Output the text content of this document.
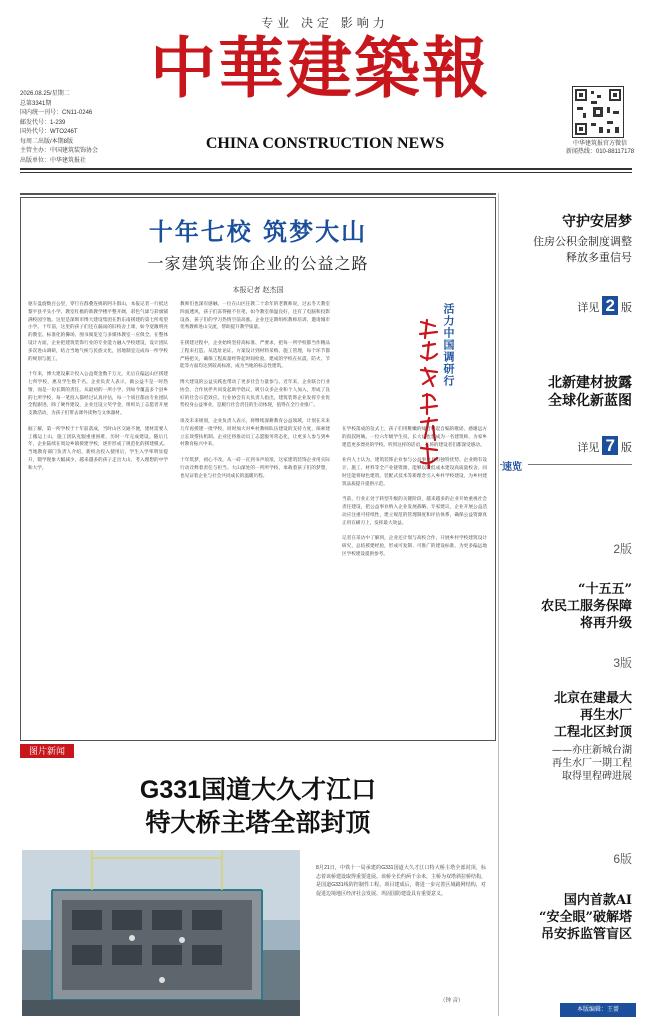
专业 决定 影响力
中華建築報
CHINA CONSTRUCTION NEWS
2026.08.25/星期二
总第3341期
国内统一刊号：CN11-0246
邮发代号：1-239
国外代号：WTO246T
每周二出版/本期8版
主管主办：中国建筑装饰协会
出版单位：中华建筑报社
中华建筑报官方微信
新闻热线：010-88117178
十年七校 筑梦大山
一家建筑装饰企业的公益之路
本报记者 赵杰国
驱车盘旋数百公里，穿行在群叠连绵的阿斗群山，本报记者一行抵达黎平县平头小学。教室红檐的新教学楼平整开阔，彩色气球与彩旗铺满校园空地。这里是深圳市博大建设集团在黔东南援建的第七所希望小学。十年前，这里的孩子们还在漏雨的旧校舍上课，如今宽敞明亮的教室、标准化的操场、图书阅览室与多媒体教室一应俱全。在整体设计方面，企业把建筑装饰行业的专业能力融入学校建设，设计团队多次进山调研，结合当地气候与民族文化，因地制宜完成每一所学校的规划与施工。

十年来，博大建设累计投入公益资金数千万元，先后在偏远山区援建七所学校，惠及学生数千名。企业负责人表示，做公益不是一时热情，而是一份长期的责任。从最初的一所小学，到如今覆盖多个县乡的七所学校，每一笔投入都经过认真评估，每一个项目都由专业团队全程跟进。除了硬件建设，企业还设立奖学金，组织员工志愿者开展支教活动，为孩子们带去课外读物与文体器材。

据了解，第一所学校于十年前落成，当时山区交通不便，建材需要人工搬运上山，施工团队克服重重困难，历时一年完成建设。随后几年，企业陆续在周边乡镇援建学校，逐步形成了规范化的援建模式。当地教育部门负责人介绍，新校舍投入使用后，学生入学率明显提升，辍学现象大幅减少，越来越多的孩子走出大山，考入理想的中学和大学。
教师们也深有感触。一位在山区任教二十余年的老教师说，过去冬天教室四面透风，孩子们冻得握不住笔，如今教室保温良好，还有了电脑和投影设备，孩子们的学习热情空前高涨。企业还定期组织教师培训，邀请城市优秀教师进山交流，帮助提升教学质量。

在援建过程中，企业始终坚持高标准、严要求，把每一所学校都当作精品工程来打造。从选址论证、方案设计到材料采购、施工管理，每个环节都严格把关，确保工程质量经得起时间检验。建成的学校在抗震、防火、节能等方面均达到较高标准，成为当地的标志性建筑。

博大建设的公益实践也带动了更多社会力量参与。近年来，企业联合行业协会、合作伙伴共同发起助学倡议，吸引众多企业和个人加入，形成了良好的社会示范效应。行业协会有关负责人指出，建筑装饰企业发挥专业优势投身公益事业，是履行社会责任的生动体现，值得在全行业推广。

谈及未来规划，企业负责人表示，将继续深耕教育公益领域，计划在未来几年再援建一批学校，同时加大对乡村教师队伍建设的支持力度，探索建立长效帮扶机制。企业还将推动员工志愿服务常态化，让更多人参与到乡村教育振兴中来。

十年筑梦，初心不改。从一砖一瓦到书声琅琅，这家建筑装饰企业用实际行动诠释着责任与担当。大山深处的一所所学校，承载着孩子们的梦想，也见证着企业与社会共同成长的温暖历程。
活力中国调研行
在学校落成的仪式上，孩子们用稚嫩的嗓音唱起自编的歌谣，感谢远方的叔叔阿姨。一位六年级学生说，长大后也想成为一名建筑师，为家乡建造更多漂亮的学校。听到这样的话语，在场的建设者们都深受感动。

业内人士认为，建筑装饰企业参与公益事业具有独特优势。企业拥有设计、施工、材料等全产业链资源，能够以较低成本建设高质量校舍，同时还能将绿色建筑、装配式技术等新理念引入乡村学校建设，为乡村建筑品质提升提供示范。

当前，行业正处于转型升级的关键阶段，越来越多的企业开始重视社会责任建设，把公益事业纳入企业发展战略。专家建议，企业开展公益活动应注重可持续性，建立规范的管理制度和评估体系，确保公益资源真正用在刷刃上，发挥最大效益。

记者在采访中了解到，企业还计划与高校合作，开展乡村学校建筑设计研究，总结援建经验，形成可复制、可推广的建设标准，为更多偏远地区学校建设提供参考。
图片新闻
G331国道大久才江口
特大桥主塔全部封顶
8月21日，中铁十一局承建的G331国道大久才江口特大桥主塔全部封顶，标志着该桥建设取得重要进展。该桥全长约两千余米，主桥为双塔斜拉桥结构，是国道G331线的控制性工程。项目建成后，将进一步完善区域路网结构，对促进边境地区经济社会发展、巩固国防建设具有重要意义。
（钟 音）
守护安居梦
住房公积金制度调整
释放多重信号
详见 2 版
北新建材披露
全球化新蓝图
详见 7 版
速览
2版
“十五五”
农民工服务保障
将再升级
3版
北京在建最大
再生水厂
工程北区封顶
——亦庄新城台湖
再生水厂一期工程
取得里程碑进展
6版
国内首款AI
“安全眼”破解塔
吊安拆监管盲区
本版编辑：王蔷
